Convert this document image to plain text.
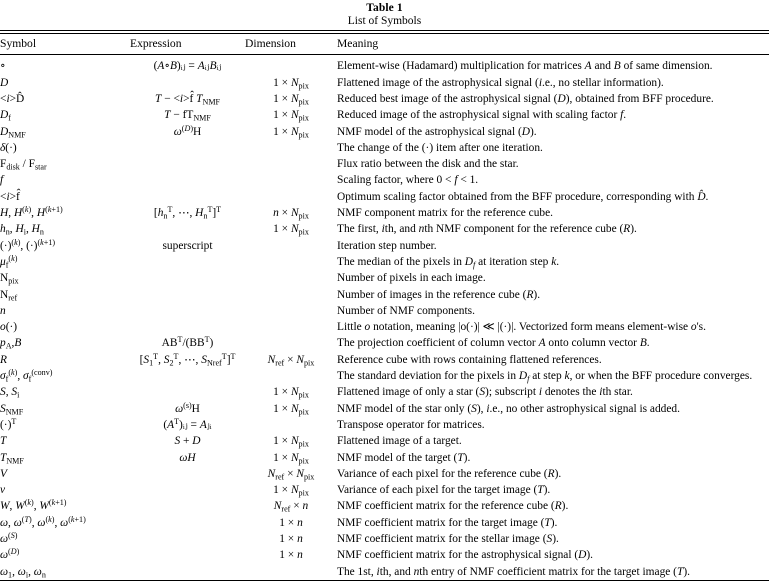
Table 1
List of Symbols
Symbol	Expression	Dimension	Meaning
∘	(A∘B)ᵢⱼ = AᵢⱼBᵢⱼ		Element-wise (Hadamard) multiplication for matrices A and B of same dimension.
D		$1 \times N_{pix}$	Flattened image of the astrophysical signal (i.e., no stellar information).
<i>D̂	T − <i>f̂ $T_{NMF}$	$1 \times N_{pix}$	Reduced best image of the astrophysical signal (D), obtained from BFF procedure.
$D_f$	$T - fT_{NMF}$	$1 \times N_{pix}$	Reduced image of the astrophysical signal with scaling factor f.
$D_{NMF}$	$\omega^{(D)}H$	$1 \times N_{pix}$	NMF model of the astrophysical signal (D).
δ(·)			The change of the (·) item after one iteration.
$F_{disk} / F_{star}$			Flux ratio between the disk and the star.
f			Scaling factor, where 0 < f < 1.
<i>f̂			Optimum scaling factor obtained from the BFF procedure, corresponding with D̂.
H, $H^{(k)}$, $H^{(k+1)}$	[$h_n^T$, ⋯, $H_n^T]^T$	$n \times N_{pix}$	NMF component matrix for the reference cube.
$h_n$, $H_i$, $H_n$		$1 \times N_{pix}$	The first, ith, and nth NMF component for the reference cube (R).
$(\cdot)^{(k)}$, $(\cdot)^{(k+1)}$	superscript		Iteration step number.
$\mu_f^{(k)}$			The median of the pixels in $D_f$ at iteration step k.
$N_{pix}$			Number of pixels in each image.
$N_{ref}$			Number of images in the reference cube (R).
n			Number of NMF components.
o(·)			Little o notation, meaning |o(·)| ≪ |(·)|. Vectorized form means element-wise o's.
$p_A,B$	$AB^T/(BB^T)$		The projection coefficient of column vector A onto column vector B.
R	[$S_1^T$, $S_2^T$, ⋯, $S_{Nref}^T]^T$	$N_{ref} \times N_{pix}$	Reference cube with rows containing flattened references.
$\sigma_f^{(k)}$, $\sigma_f^{(conv)}$			The standard deviation for the pixels in $D_f$ at step k, or when the BFF procedure converges.
S, $S_i$		$1 \times N_{pix}$	Flattened image of only a star (S); subscript i denotes the ith star.
$S_{NMF}$	$\omega^{(s)}H$	$1 \times N_{pix}$	NMF model of the star only (S), i.e., no other astrophysical signal is added.
$(\cdot)^T$	$(A^T)ᵢⱼ$ = Aⱼᵢ		Transpose operator for matrices.
T	S + D	$1 \times N_{pix}$	Flattened image of a target.
$T_{NMF}$	ωH	$1 \times N_{pix}$	NMF model of the target (T).
V		$N_{ref} \times N_{pix}$	Variance of each pixel for the reference cube (R).
v		$1 \times N_{pix}$	Variance of each pixel for the target image (T).
W, $W^{(k)}$, $W^{(k+1)}$		$N_{ref} \times n$	NMF coefficient matrix for the reference cube (R).
ω, $\omega^{(T)}$, $\omega^{(k)}$, $\omega^{(k+1)}$		1 × n	NMF coefficient matrix for the target image (T).
$\omega^{(S)}$		1 × n	NMF coefficient matrix for the stellar image (S).
$\omega^{(D)}$		1 × n	NMF coefficient matrix for the astrophysical signal (D).
$\omega_1$, $\omega_i$, $\omega_n$			The 1st, ith, and nth entry of NMF coefficient matrix for the target image (T).
